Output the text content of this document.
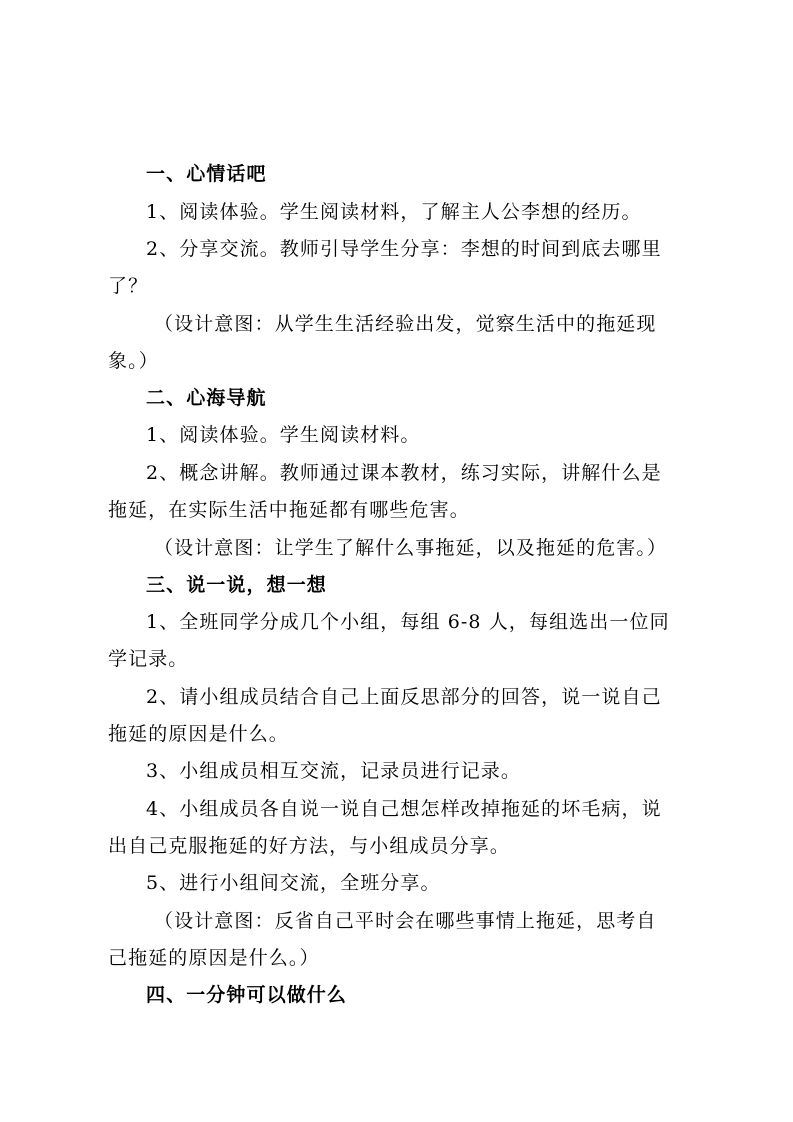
一、心情话吧
1、阅读体验。学生阅读材料，了解主人公李想的经历。
2、分享交流。教师引导学生分享：李想的时间到底去哪里
了？
（设计意图：从学生生活经验出发，觉察生活中的拖延现
象。）
二、心海导航
1、阅读体验。学生阅读材料。
2、概念讲解。教师通过课本教材，练习实际，讲解什么是
拖延，在实际生活中拖延都有哪些危害。
（设计意图：让学生了解什么事拖延，以及拖延的危害。）
三、说一说，想一想
1、全班同学分成几个小组，每组 6-8 人，每组选出一位同
学记录。
2、请小组成员结合自己上面反思部分的回答，说一说自己
拖延的原因是什么。
3、小组成员相互交流，记录员进行记录。
4、小组成员各自说一说自己想怎样改掉拖延的坏毛病，说
出自己克服拖延的好方法，与小组成员分享。
5、进行小组间交流，全班分享。
（设计意图：反省自己平时会在哪些事情上拖延，思考自
己拖延的原因是什么。）
四、一分钟可以做什么
